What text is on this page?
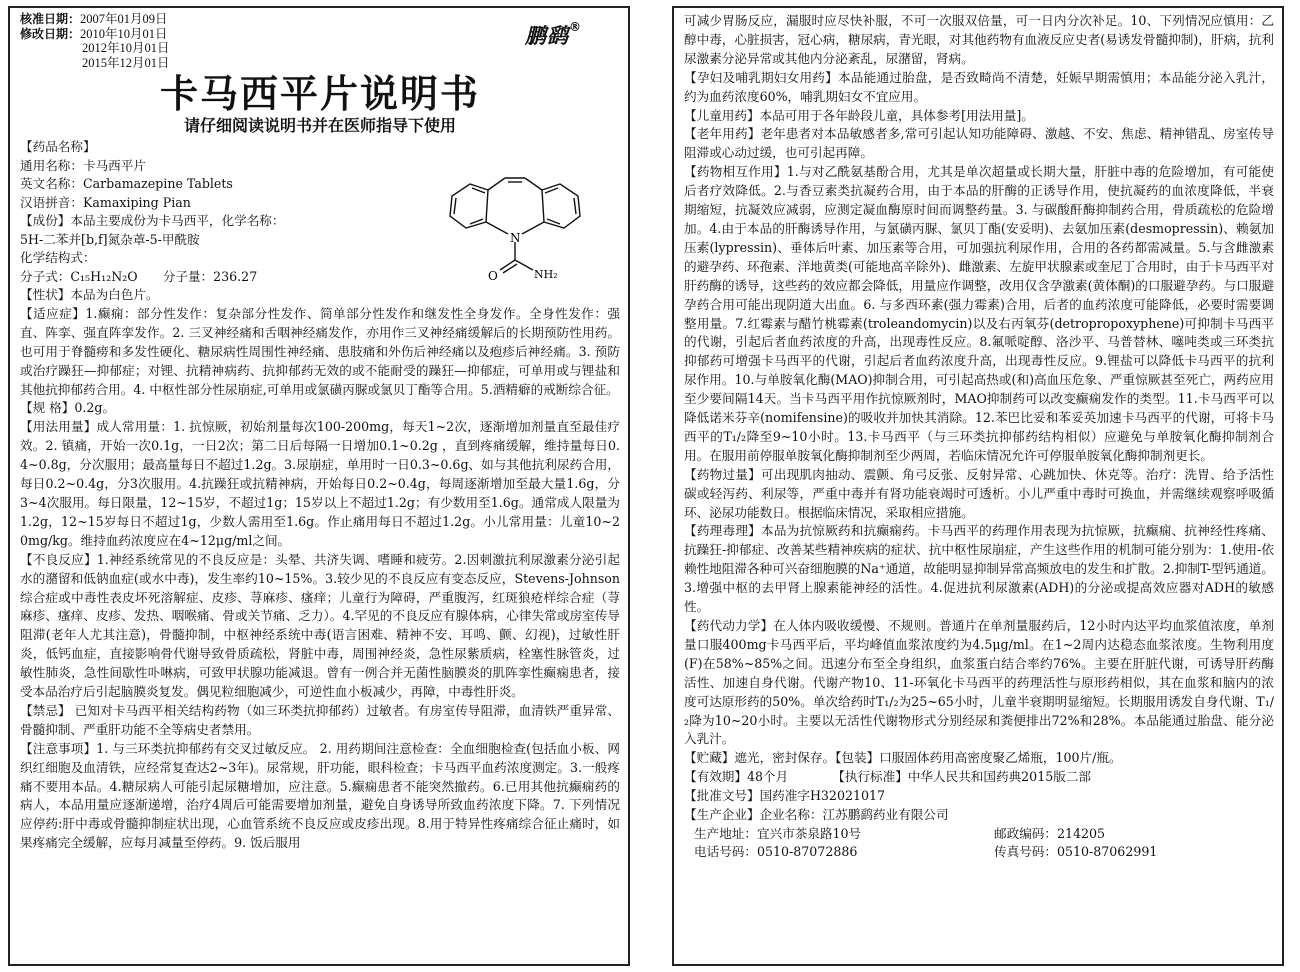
核准日期：2007年01月09日
修改日期：2010年10月01日
2012年10月01日
2015年12月01日
鹏鹞®
卡马西平片说明书
请仔细阅读说明书并在医师指导下使用
【药品名称】
通用名称：卡马西平片
英文名称：Carbamazepine Tablets
汉语拼音：Kamaxiping Pian
【成份】本品主要成份为卡马西平，化学名称：
5H-二苯并[b,f]氮杂䓬-5-甲酰胺
化学结构式：
分子式：C₁₅H₁₂N₂O　　分子量：236.27
N
O	NH₂

【性状】本品为白色片。

【适应症】1.癫痫：部分性发作：复杂部分性发作、简单部分性发作和继发性全身发作。全身性发作：强直、阵挛、强直阵挛发作。2. 三叉神经痛和舌咽神经痛发作，亦用作三叉神经痛缓解后的长期预防性用药。也可用于脊髓痨和多发性硬化、糖尿病性周围性神经痛、患肢痛和外伤后神经痛以及疱疹后神经痛。3. 预防或治疗躁狂—抑郁症；对锂、抗精神病药、抗抑郁药无效的或不能耐受的躁狂—抑郁症，可单用或与锂盐和其他抗抑郁药合用。4. 中枢性部分性尿崩症,可单用或氯磺丙脲或氯贝丁酯等合用。5.酒精癖的戒断综合征。

【规 格】0.2g。

【用法用量】成人常用量：1. 抗惊厥，初始剂量每次100-200mg，每天1~2次，逐渐增加剂量直至最佳疗效。2. 镇痛，开始一次0.1g，一日2次；第二日后每隔一日增加0.1~0.2g ，直到疼痛缓解，维持量每日0.4~0.8g，分次服用；最高量每日不超过1.2g。3.尿崩症，单用时一日0.3~0.6g、如与其他抗利尿药合用，每日0.2~0.4g，分3次服用。4.抗躁狂或抗精神病，开始每日0.2~0.4g，每周逐渐增加至最大量1.6g，分3~4次服用。每日限量，12~15岁，不超过1g；15岁以上不超过1.2g；有少数用至1.6g。通常成人限量为1.2g，12~15岁每日不超过1g，少数人需用至1.6g。作止痛用每日不超过1.2g。小儿常用量：儿童10~20mg/kg。维持血药浓度应在4~12μg/ml之间。

【不良反应】1.神经系统常见的不良反应是：头晕、共济失调、嗜睡和疲劳。2.因刺激抗利尿激素分泌引起水的潴留和低钠血症(或水中毒)，发生率约10~15%。3.较少见的不良反应有变态反应，Stevens-Johnson综合症或中毒性表皮坏死溶解症、皮疹、荨麻疹、瘙痒；儿童行为障碍，严重腹泻，红斑狼疮样综合症（荨麻疹、瘙痒、皮疹、发热、咽喉痛、骨或关节痛、乏力）。4.罕见的不良反应有腺体病，心律失常或房室传导阻滞(老年人尤其注意)，骨髓抑制，中枢神经系统中毒(语言困难、精神不安、耳鸣、颤、幻视)，过敏性肝炎，低钙血症，直接影响骨代谢导致骨质疏松，肾脏中毒，周围神经炎，急性尿紫质病，栓塞性脉管炎，过敏性肺炎，急性间歇性卟啉病，可致甲状腺功能减退。曾有一例合并无菌性脑膜炎的肌阵挛性癫痫患者，接受本品治疗后引起脑膜炎复发。偶见粒细胞减少，可逆性血小板减少，再障，中毒性肝炎。

【禁忌】 已知对卡马西平相关结构药物（如三环类抗抑郁药）过敏者。有房室传导阻滞，血清铁严重异常、骨髓抑制、严重肝功能不全等病史者禁用。

【注意事项】1. 与三环类抗抑郁药有交叉过敏反应。 2. 用药期间注意检查：全血细胞检查(包括血小板、网织红细胞及血清铁，应经常复查达2~3年)。尿常规，肝功能，眼科检查；卡马西平血药浓度测定。3.一般疼痛不要用本品。4.糖尿病人可能引起尿糖增加，应注意。5.癫痫患者不能突然撤药。6.已用其他抗癫痫药的病人，本品用量应逐渐递增，治疗4周后可能需要增加剂量，避免自身诱导所致血药浓度下降。7. 下列情况应停药:肝中毒或骨髓抑制症状出现，心血管系统不良反应或皮疹出现。8.用于特异性疼痛综合征止痛时，如果疼痛完全缓解，应每月减量至停药。9. 饭后服用

可减少胃肠反应，漏服时应尽快补服，不可一次服双倍量，可一日内分次补足。10、下列情况应慎用：乙醇中毒，心脏损害，冠心病，糖尿病，青光眼，对其他药物有血液反应史者(易诱发骨髓抑制)，肝病，抗利尿激素分泌异常或其他内分泌紊乱，尿潴留，肾病。

【孕妇及哺乳期妇女用药】本品能通过胎盘，是否致畸尚不清楚，妊娠早期需慎用；本品能分泌入乳汁，约为血药浓度60%，哺乳期妇女不宜应用。

【儿童用药】本品可用于各年龄段儿童，具体参考[用法用量]。

【老年用药】老年患者对本品敏感者多,常可引起认知功能障碍、激越、不安、焦虑、精神错乱、房室传导阻滞或心动过缓，也可引起再障。

【药物相互作用】1.与对乙酰氨基酚合用，尤其是单次超量或长期大量，肝脏中毒的危险增加，有可能使后者疗效降低。2.与香豆素类抗凝药合用，由于本品的肝酶的正诱导作用，使抗凝药的血浓度降低，半衰期缩短，抗凝效应减弱，应测定凝血酶原时间而调整药量。3. 与碳酸酐酶抑制药合用，骨质疏松的危险增加。4.由于本品的肝酶诱导作用，与氯磺丙脲、氯贝丁酯(安妥明)、去氨加压素(desmopressin)、赖氨加压素(lypressin)、垂体后叶素、加压素等合用，可加强抗利尿作用，合用的各药都需减量。5.与含雌激素的避孕药、环孢素、洋地黄类(可能地高辛除外)、雌激素、左旋甲状腺素或奎尼丁合用时，由于卡马西平对肝药酶的诱导，这些药的效应都会降低，用量应作调整，改用仅含孕激素(黄体酮)的口服避孕药。与口服避孕药合用可能出现阴道大出血。6. 与多西环素(强力霉素)合用，后者的血药浓度可能降低，必要时需要调整用量。7.红霉素与醋竹桃霉素(troleandomycin)以及右丙氧芬(detropropoxyphene)可抑制卡马西平的代谢，引起后者血药浓度的升高，出现毒性反应。8.氟哌啶醇、洛沙平、马普替林、噻吨类或三环类抗抑郁药可增强卡马西平的代谢，引起后者血药浓度升高，出现毒性反应。9.锂盐可以降低卡马西平的抗利尿作用。10.与单胺氧化酶(MAO)抑制合用，可引起高热或(和)高血压危象、严重惊厥甚至死亡，两药应用至少要间隔14天。当卡马西平用作抗惊厥剂时，MAO抑制药可以改变癫痫发作的类型。11.卡马西平可以降低诺米芬辛(nomifensine)的吸收并加快其消除。12.苯巴比妥和苯妥英加速卡马西平的代谢，可将卡马西平的T₁/₂降至9~10小时。13.卡马西平（与三环类抗抑郁药结构相似）应避免与单胺氧化酶抑制剂合用。在服用前停服单胺氧化酶抑制剂至少两周，若临床情况允许可停服单胺氧化酶抑制剂更长。

【药物过量】可出现肌肉抽动、震颤、角弓反张、反射异常、心跳加快、休克等。治疗：洗胃、给予活性碳或轻泻药、利尿等，严重中毒并有肾功能衰竭时可透析。小儿严重中毒时可换血，并需继续观察呼吸循环、泌尿功能数日。根据临床情况，采取相应措施。

【药理毒理】本品为抗惊厥药和抗癫痫药。卡马西平的药理作用表现为抗惊厥，抗癫痫、抗神经性疼痛、抗躁狂-抑郁症、改善某些精神疾病的症状、抗中枢性尿崩症，产生这些作用的机制可能分别为：1.使用-依赖性地阻滞各种可兴奋细胞膜的Na⁺通道，故能明显抑制异常高频放电的发生和扩散。2.抑制T-型钙通道。3.增强中枢的去甲肾上腺素能神经的活性。4.促进抗利尿激素(ADH)的分泌或提高效应器对ADH的敏感性。

【药代动力学】在人体内吸收缓慢、不规则。普通片在单剂量服药后，12小时内达平均血浆值浓度，单剂量口服400mg卡马西平后，平均峰值血浆浓度约为4.5μg/ml。在1~2周内达稳态血浆浓度。生物利用度(F)在58%~85%之间。迅速分布至全身组织，血浆蛋白结合率约76%。主要在肝脏代谢，可诱导肝药酶活性、加速自身代谢。代谢产物10、11-环氧化卡马西平的药理活性与原形药相似，其在血浆和脑内的浓度可达原形药的50%。单次给药时T₁/₂为25~65小时，儿童半衰期明显缩短。长期服用诱发自身代谢、T₁/₂降为10~20小时。主要以无活性代谢物形式分别经尿和粪便排出72%和28%。本品能通过胎盘、能分泌入乳汁。

【贮藏】遮光，密封保存。【包装】口服固体药用高密度聚乙烯瓶，100片/瓶。

【有效期】48个月　　　　【执行标准】中华人民共和国药典2015版二部

【批准文号】国药准字H32021017

【生产企业】企业名称：江苏鹏鹞药业有限公司

生产地址：宜兴市茶泉路10号	邮政编码：214205
电话号码：0510-87072886	传真号码：0510-87062991
